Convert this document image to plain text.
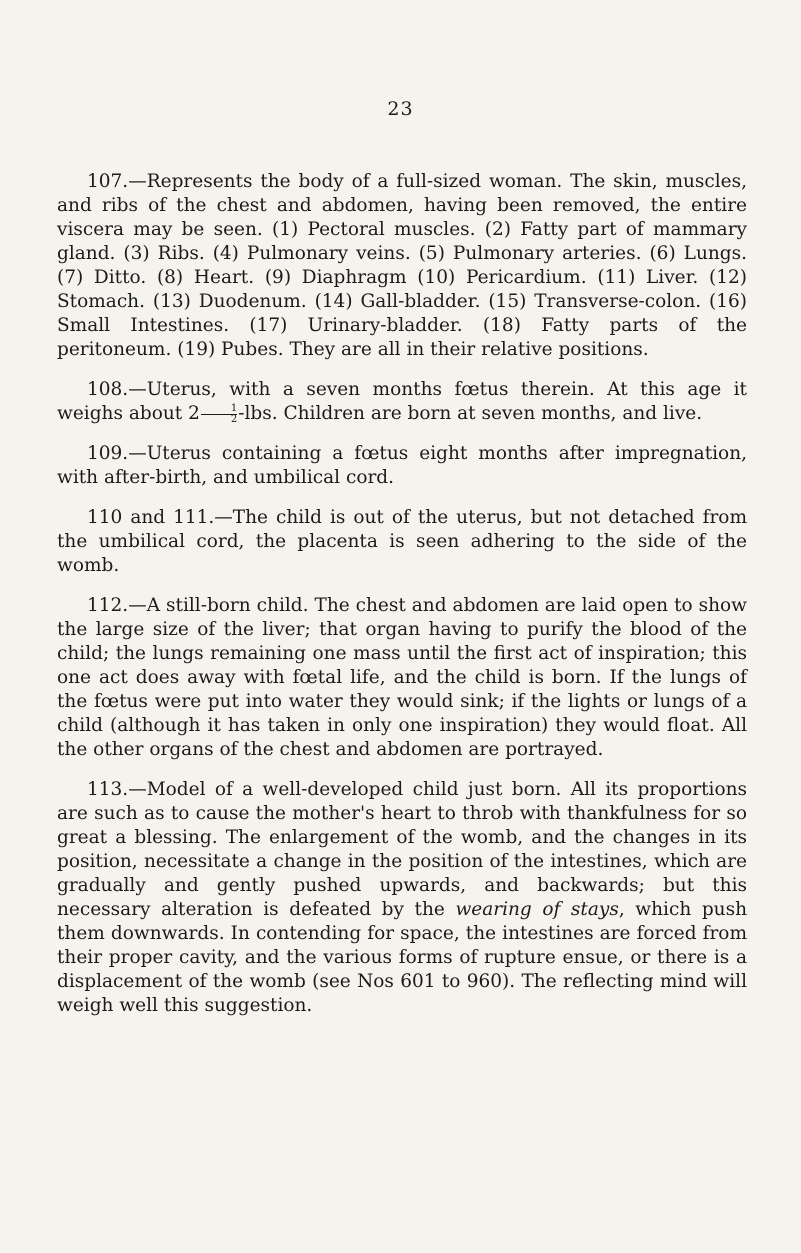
23

107.—Represents the body of a full-sized woman. The skin, muscles, and ribs of the chest and abdomen, having been removed, the entire viscera may be seen. (1) Pectoral muscles. (2) Fatty part of mammary gland. (3) Ribs. (4) Pulmonary veins. (5) Pulmonary arteries. (6) Lungs. (7) Ditto. (8) Heart. (9) Diaphragm (10) Pericardium. (11) Liver. (12) Stomach. (13) Duodenum. (14) Gall-bladder. (15) Transverse-colon. (16) Small Intestines. (17) Urinary-bladder. (18) Fatty parts of the peritoneum. (19) Pubes. They are all in their relative positions.

108.—Uterus, with a seven months fœtus therein. At this age it weighs about $2 \frac{1}{2} -lbs$. Children are born at seven months, and live.

109.—Uterus containing a fœtus eight months after impregnation, with after-birth, and umbilical cord.

110 and 111.—The child is out of the uterus, but not detached from the umbilical cord, the placenta is seen adhering to the side of the womb.

112.—A still-born child. The chest and abdomen are laid open to show the large size of the liver; that organ having to purify the blood of the child; the lungs remaining one mass until the first act of inspiration; this one act does away with fœtal life, and the child is born. If the lungs of the fœtus were put into water they would sink; if the lights or lungs of a child (although it has taken in only one inspiration) they would float. All the other organs of the chest and abdomen are portrayed.

113.—Model of a well-developed child just born. All its proportions are such as to cause the mother's heart to throb with thankfulness for so great a blessing. The enlargement of the womb, and the changes in its position, necessitate a change in the position of the intestines, which are gradually and gently pushed upwards, and backwards; but this necessary alteration is defeated by the wearing of stays, which push them downwards. In contending for space, the intestines are forced from their proper cavity, and the various forms of rupture ensue, or there is a displacement of the womb (see Nos 601 to 960). The reflecting mind will weigh well this suggestion.
